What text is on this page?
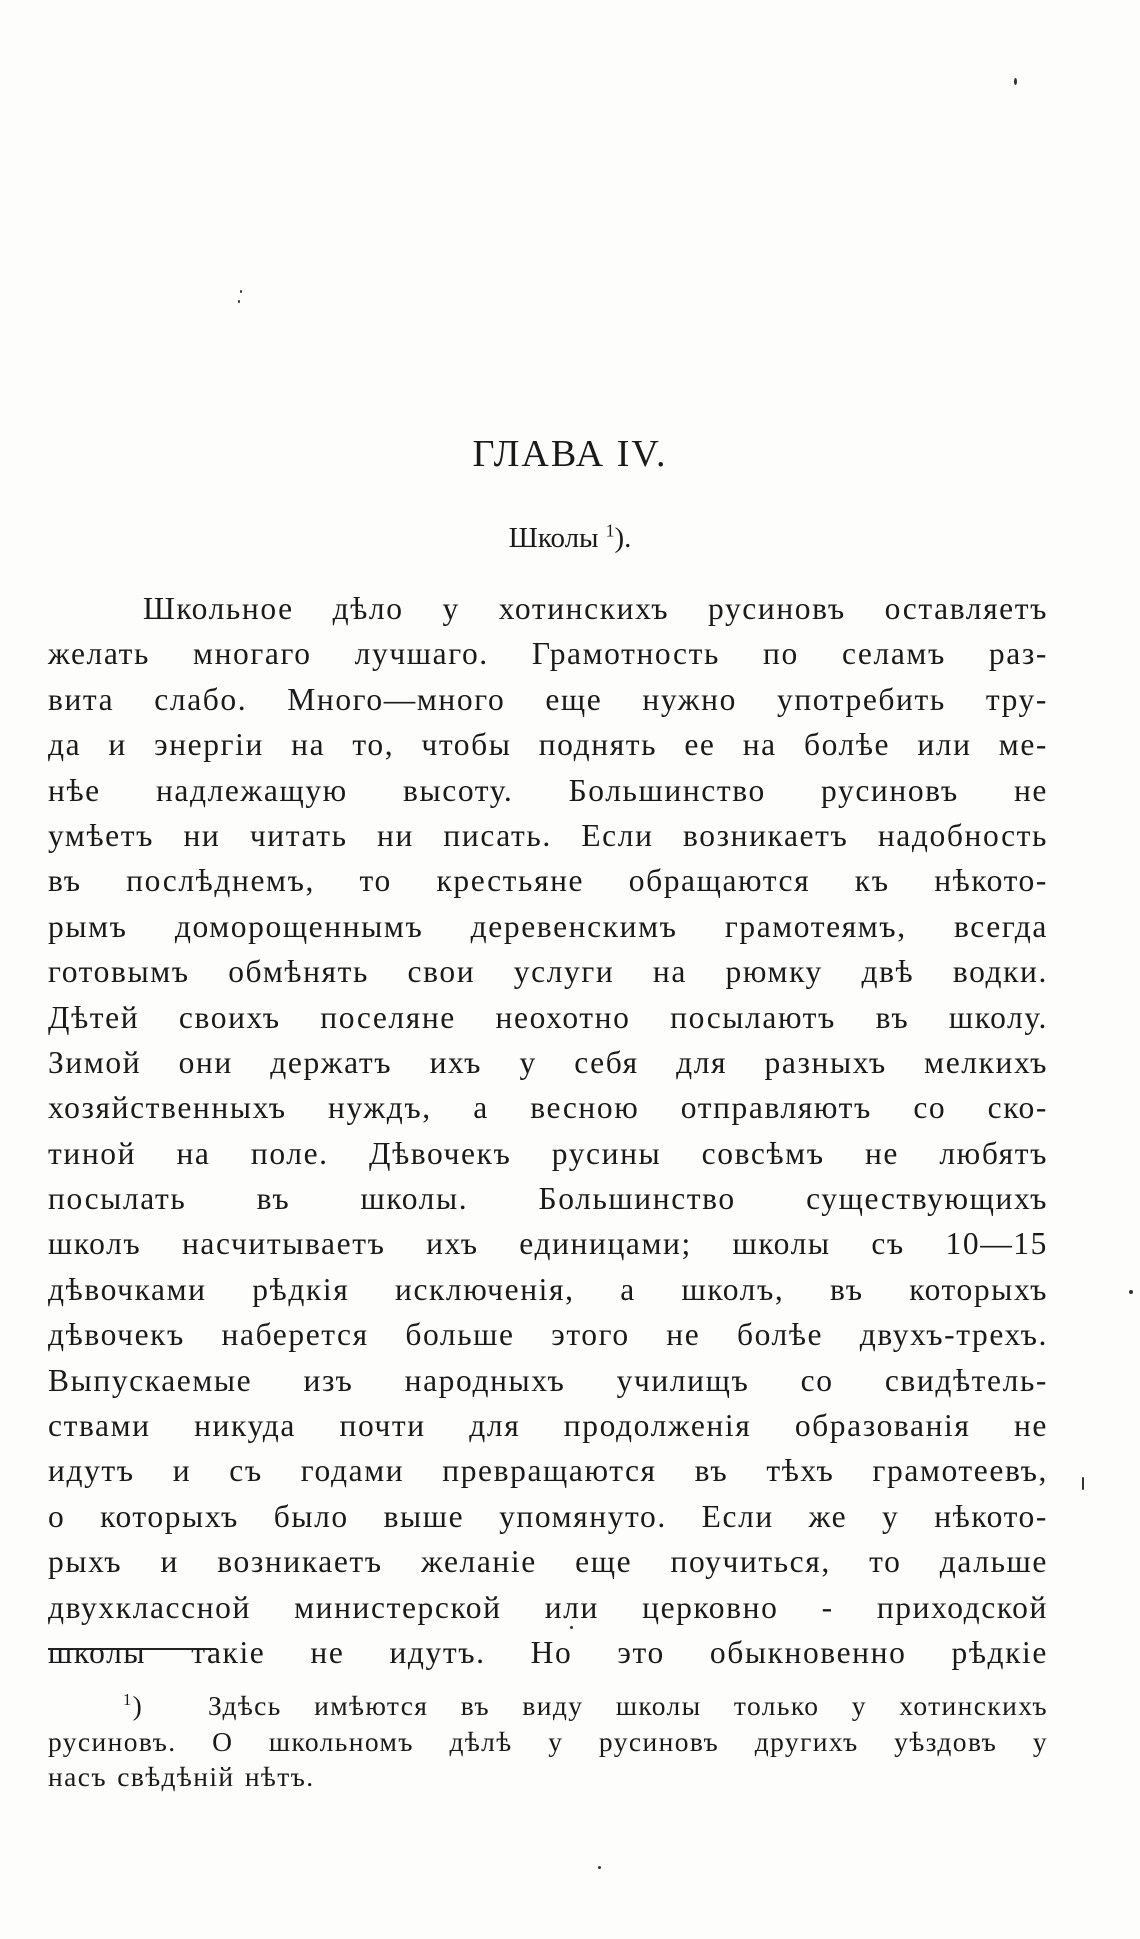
ГЛАВА IV.
Школы $^1$).
Школьное дѣло у хотинскихъ русиновъ оставляетъ
желать многаго лучшаго. Грамотность по селамъ раз-
вита слабо. Много—много еще нужно употребить тру-
да и энергіи на то, чтобы поднять ее на болѣе или ме-
нѣе надлежащую высоту. Большинство русиновъ не
умѣетъ ни читать ни писать. Если возникаетъ надобность
въ послѣднемъ, то крестьяне обращаются къ нѣкото-
рымъ доморощеннымъ деревенскимъ грамотеямъ, всегда
готовымъ обмѣнять свои услуги на рюмку двѣ водки.
Дѣтей своихъ поселяне неохотно посылаютъ въ школу.
Зимой они держатъ ихъ у себя для разныхъ мелкихъ
хозяйственныхъ нуждъ, а весною отправляютъ со ско-
тиной на поле. Дѣвочекъ русины совсѣмъ не любятъ
посылать въ школы. Большинство существующихъ
школъ насчитываетъ ихъ единицами; школы съ 10—15
дѣвочками рѣдкія исключенія, а школъ, въ которыхъ
дѣвочекъ наберется больше этого не болѣе двухъ-трехъ.
Выпускаемые изъ народныхъ училищъ со свидѣтель-
ствами никуда почти для продолженія образованія не
идутъ и съ годами превращаются въ тѣхъ грамотеевъ,
о которыхъ было выше упомянуто. Если же у нѣкото-
рыхъ и возникаетъ желаніе еще поучиться, то дальше
двухклассной министерской или церковно - приходской
школы такіе не идутъ. Но это обыкновенно рѣдкіе
$^1$) Здѣсь имѣются въ виду школы только у хотинскихъ
русиновъ. О школьномъ дѣлѣ у русиновъ другихъ уѣздовъ у
насъ свѣдѣній нѣтъ.
